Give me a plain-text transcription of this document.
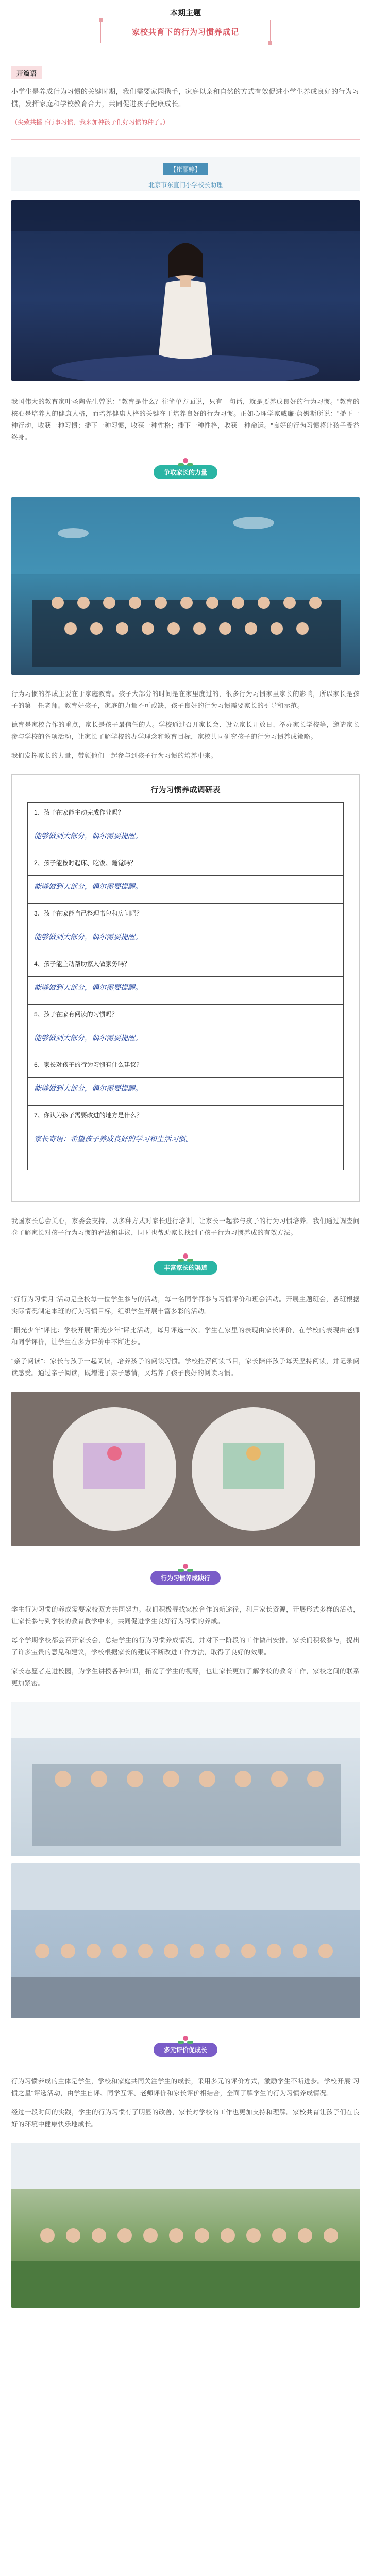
本期主题
家校共育下的行为习惯养成记
开篇语

小学生是养成行为习惯的关键时期，我们需要家园携手，家庭以亲和自然的方式有效促进小学生养成良好的行为习惯，发挥家庭和学校教育合力，共同促进孩子健康成长。

（尖致共播下行事习惯，我来加种孩子们好习惯的种子。）

【崔丽婷】
北京市东直门小学校长助理

我国伟大的教育家叶圣陶先生曾说："教育是什么？往简单方面说，只有一句话，就是要养成良好的行为习惯。"教育的核心是培养人的健康人格，而培养健康人格的关键在于培养良好的行为习惯。正如心理学家威廉·詹姆斯所说："播下一种行动，收获一种习惯；播下一种习惯，收获一种性格；播下一种性格，收获一种命运。"良好的行为习惯将让孩子受益终身。

争取家长的力量

行为习惯的养成主要在于家庭教育。孩子大部分的时间是在家里度过的，很多行为习惯家里家长的影响，所以家长是孩子的第一任老师。教育好孩子，家庭的力量不可或缺，孩子良好的行为习惯需要家长的引导和示范。

德育是家校合作的重点，家长是孩子最信任的人。学校通过召开家长会、设立家长开放日、举办家长学校等，邀请家长参与学校的各项活动，让家长了解学校的办学理念和教育目标，家校共同研究孩子的行为习惯养成策略。

我们发挥家长的力量，带领他们一起参与到孩子行为习惯的培养中来。

行为习惯养成调研表
1、孩子在家能主动完成作业吗？
能够做到大部分，偶尔需要提醒。
2、孩子能按时起床、吃饭、睡觉吗？
能够做到大部分，偶尔需要提醒。
3、孩子在家能自己整理书包和房间吗？
能够做到大部分，偶尔需要提醒。
4、孩子能主动帮助家人做家务吗？
能够做到大部分，偶尔需要提醒。
5、孩子在家有阅读的习惯吗？
能够做到大部分，偶尔需要提醒。
6、家长对孩子的行为习惯有什么建议？
能够做到大部分，偶尔需要提醒。
7、你认为孩子需要改进的地方是什么？
家长寄语：希望孩子养成良好的学习和生活习惯。

我国家长总会关心，家委会支持，以多种方式对家长进行培训，让家长一起参与孩子的行为习惯培养。我们通过调查问卷了解家长对孩子行为习惯的看法和建议，同时也帮助家长找到了孩子行为习惯养成的有效方法。

丰富家长的渠道

"好行为习惯月"活动是全校每一位学生参与的活动，每一名同学都参与习惯评价和班会活动。开展主题班会，各班根据实际情况制定本班的行为习惯目标，组织学生开展丰富多彩的活动。

"阳光少年"评比：学校开展"阳光少年"评比活动，每月评选一次。学生在家里的表现由家长评价，在学校的表现由老师和同学评价，让学生在多方评价中不断进步。

"亲子阅读"：家长与孩子一起阅读，培养孩子的阅读习惯。学校推荐阅读书目，家长陪伴孩子每天坚持阅读，并记录阅读感受。通过亲子阅读，既增进了亲子感情，又培养了孩子良好的阅读习惯。

行为习惯养成践行

学生行为习惯的养成需要家校双方共同努力。我们积极寻找家校合作的新途径，利用家长资源，开展形式多样的活动，让家长参与到学校的教育教学中来，共同促进学生良好行为习惯的养成。

每个学期学校都会召开家长会，总结学生的行为习惯养成情况，并对下一阶段的工作做出安排。家长们积极参与，提出了许多宝贵的意见和建议，学校根据家长的建议不断改进工作方法，取得了良好的效果。

家长志愿者走进校园，为学生讲授各种知识，拓宽了学生的视野，也让家长更加了解学校的教育工作，家校之间的联系更加紧密。

多元评价促成长

行为习惯养成的主体是学生，学校和家庭共同关注学生的成长，采用多元的评价方式，激励学生不断进步。学校开展"习惯之星"评选活动，由学生自评、同学互评、老师评价和家长评价相结合，全面了解学生的行为习惯养成情况。

经过一段时间的实践，学生的行为习惯有了明显的改善，家长对学校的工作也更加支持和理解。家校共育让孩子们在良好的环境中健康快乐地成长。
